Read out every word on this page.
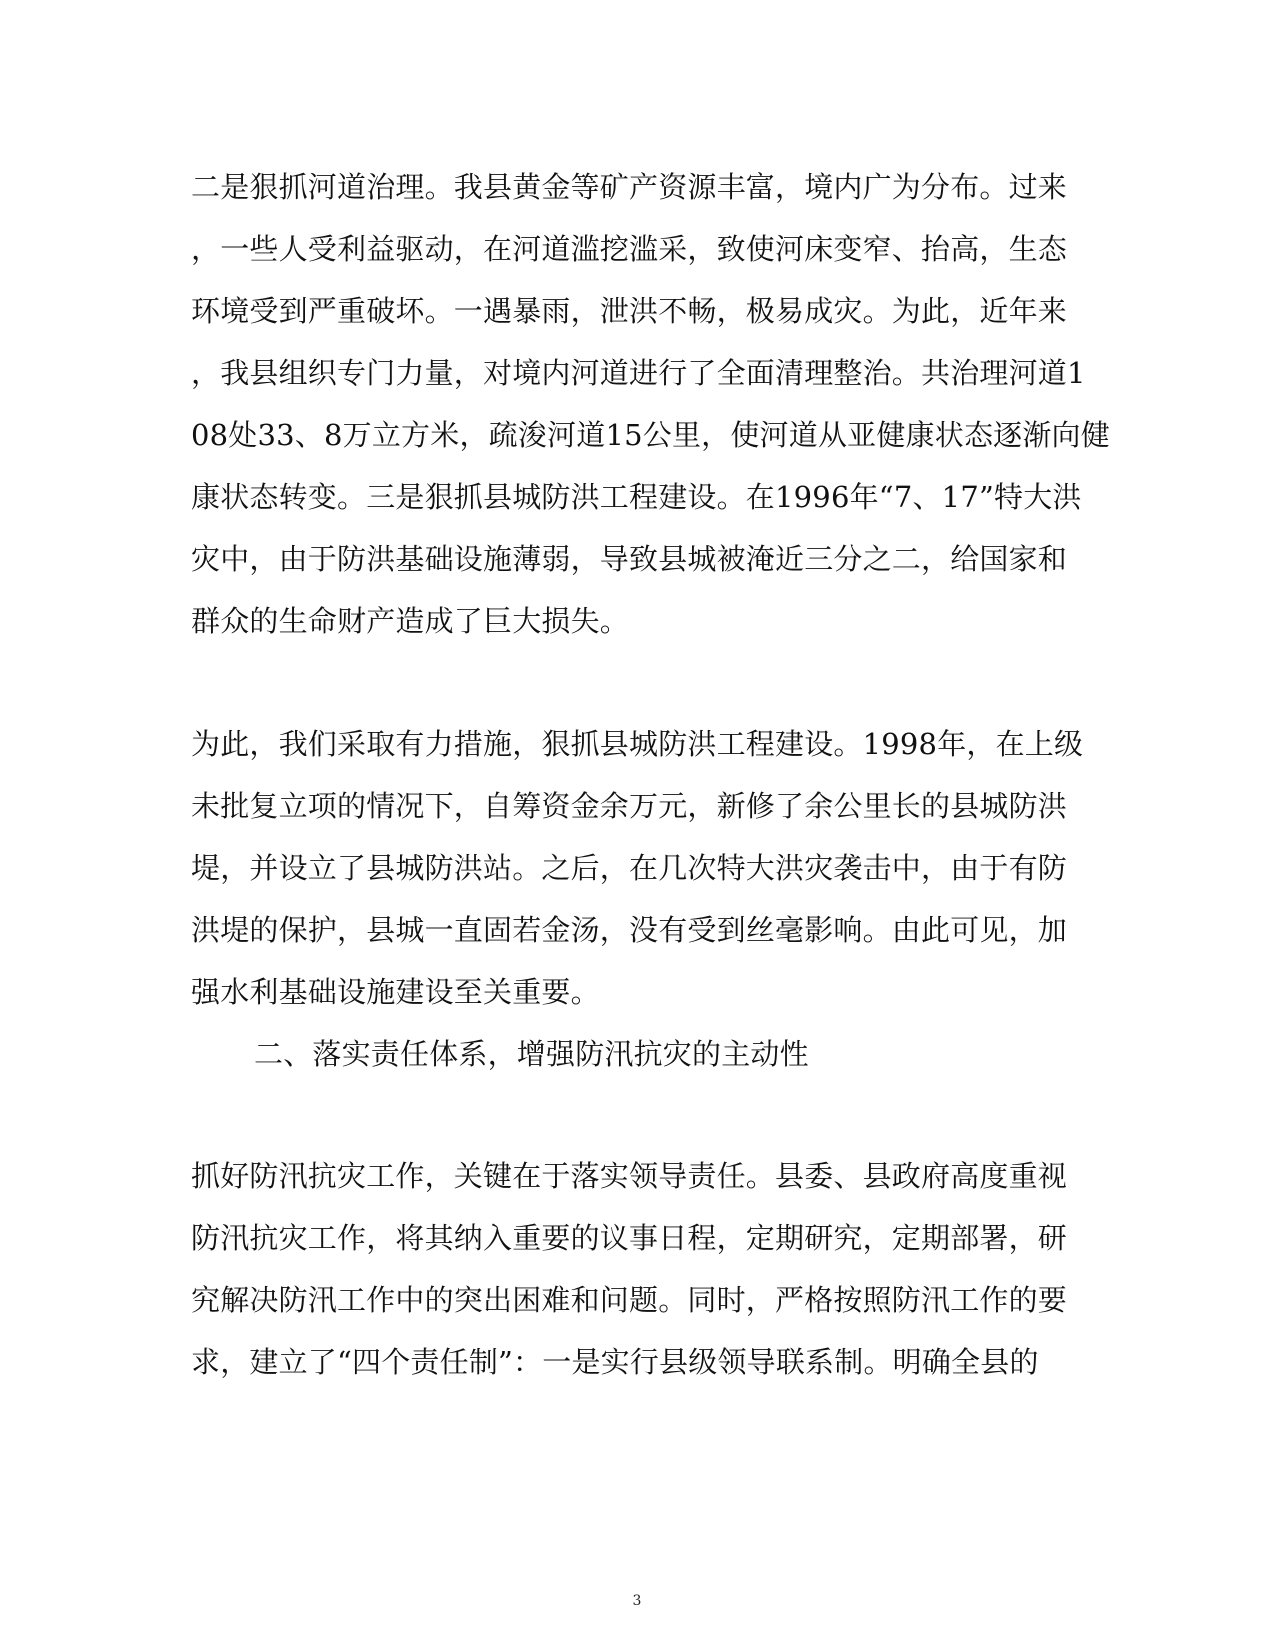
二是狠抓河道治理。我县黄金等矿产资源丰富，境内广为分布。过来
，一些人受利益驱动，在河道滥挖滥采，致使河床变窄、抬高，生态
环境受到严重破坏。一遇暴雨，泄洪不畅，极易成灾。为此，近年来
，我县组织专门力量，对境内河道进行了全面清理整治。共治理河道1
08处33、8万立方米，疏浚河道15公里，使河道从亚健康状态逐渐向健
康状态转变。三是狠抓县城防洪工程建设。在1996年“7、17”特大洪
灾中，由于防洪基础设施薄弱，导致县城被淹近三分之二，给国家和
群众的生命财产造成了巨大损失。
为此，我们采取有力措施，狠抓县城防洪工程建设。1998年，在上级
未批复立项的情况下，自筹资金余万元，新修了余公里长的县城防洪
堤，并设立了县城防洪站。之后，在几次特大洪灾袭击中，由于有防
洪堤的保护，县城一直固若金汤，没有受到丝毫影响。由此可见，加
强水利基础设施建设至关重要。
二、落实责任体系，增强防汛抗灾的主动性
抓好防汛抗灾工作，关键在于落实领导责任。县委、县政府高度重视
防汛抗灾工作，将其纳入重要的议事日程，定期研究，定期部署，研
究解决防汛工作中的突出困难和问题。同时，严格按照防汛工作的要
求，建立了“四个责任制”：一是实行县级领导联系制。明确全县的
3
